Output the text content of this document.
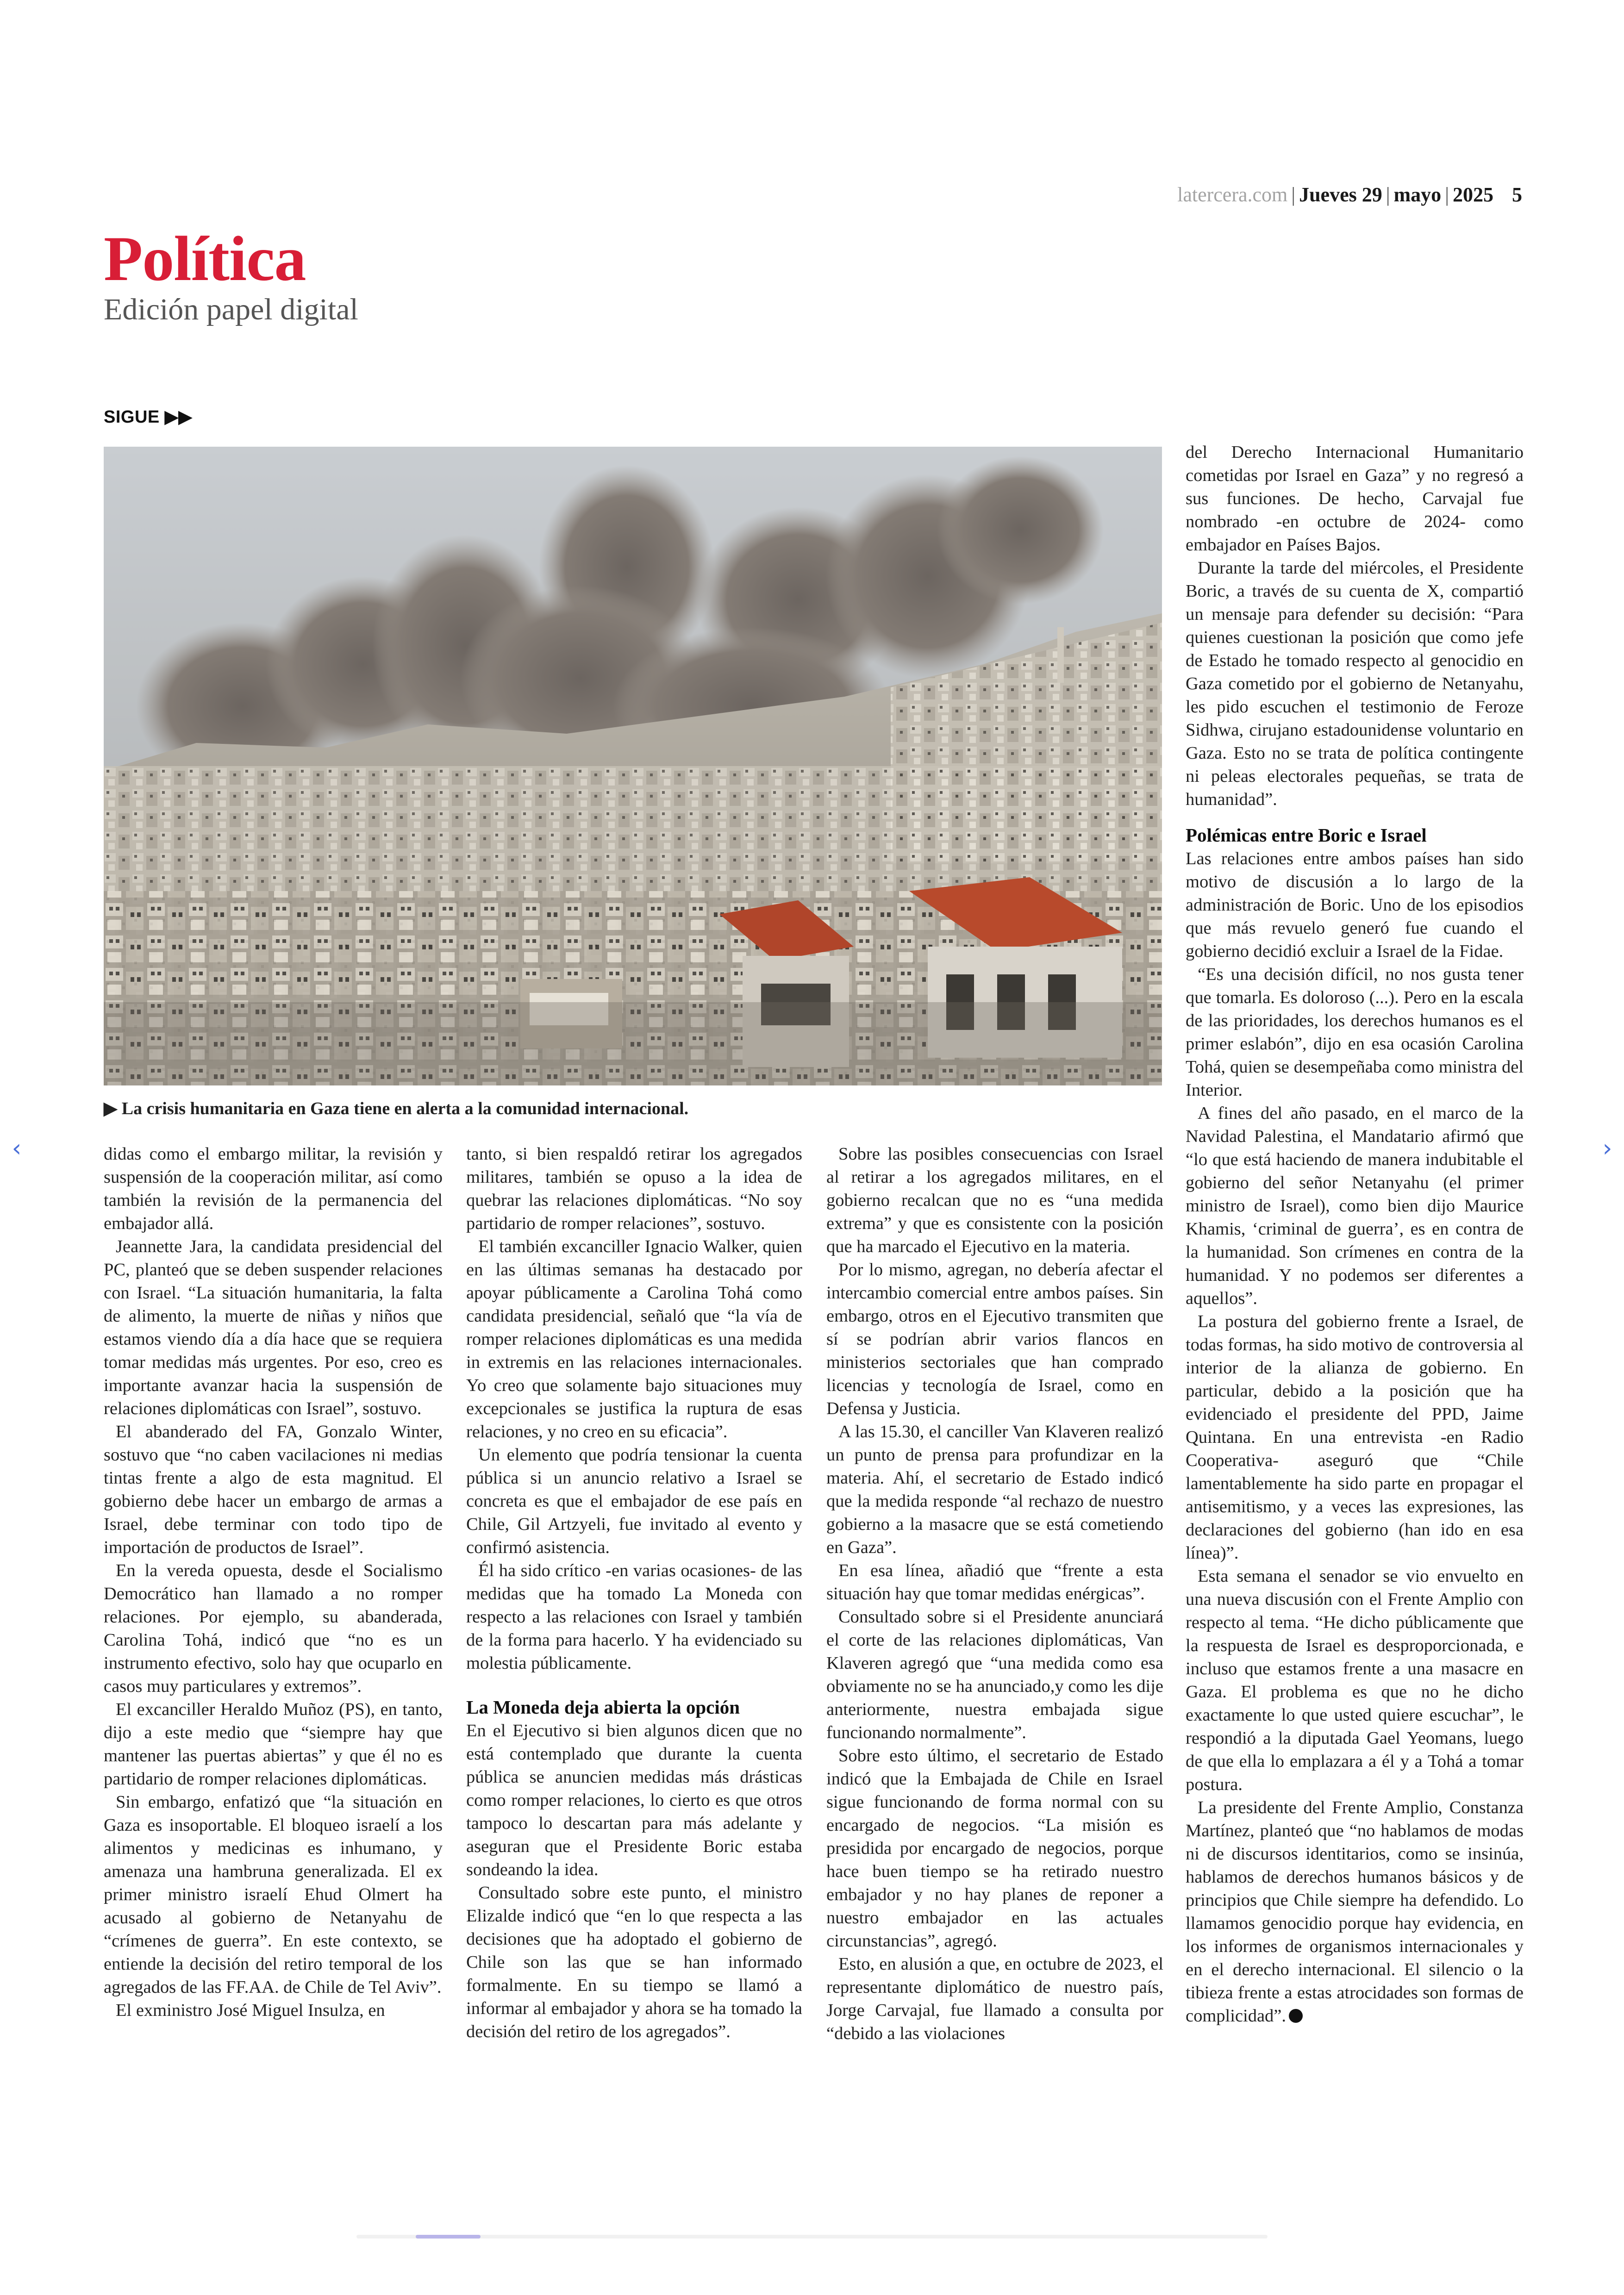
latercera.com | Jueves 29 | mayo | 2025 5
Política
Edición papel digital
SIGUE ▶▶
▶ La crisis humanitaria en Gaza tiene en alerta a la comunidad internacional.

didas como el embargo militar, la revisión y suspensión de la cooperación militar, así como también la revisión de la permanencia del embajador allá.

Jeannette Jara, la candidata presidencial del PC, planteó que se deben suspender relaciones con Israel. “La situación humanitaria, la falta de alimento, la muerte de niñas y niños que estamos viendo día a día hace que se requiera tomar medidas más urgentes. Por eso, creo es importante avanzar hacia la suspensión de relaciones diplomáticas con Israel”, sostuvo.

El abanderado del FA, Gonzalo Winter, sostuvo que “no caben vacilaciones ni medias tintas frente a algo de esta magnitud. El gobierno debe hacer un embargo de armas a Israel, debe terminar con todo tipo de importación de productos de Israel”.

En la vereda opuesta, desde el Socialismo Democrático han llamado a no romper relaciones. Por ejemplo, su abanderada, Carolina Tohá, indicó que “no es un instrumento efectivo, solo hay que ocuparlo en casos muy particulares y extremos”.

El excanciller Heraldo Muñoz (PS), en tanto, dijo a este medio que “siempre hay que mantener las puertas abiertas” y que él no es partidario de romper relaciones diplomáticas.

Sin embargo, enfatizó que “la situación en Gaza es insoportable. El bloqueo israelí a los alimentos y medicinas es inhumano, y amenaza una hambruna generalizada. El ex primer ministro israelí Ehud Olmert ha acusado al gobierno de Netanyahu de “crímenes de guerra”. En este contexto, se entiende la decisión del retiro temporal de los agregados de las FF.AA. de Chile de Tel Aviv”.

El exministro José Miguel Insulza, en

tanto, si bien respaldó retirar los agregados militares, también se opuso a la idea de quebrar las relaciones diplomáticas. “No soy partidario de romper relaciones”, sostuvo.

El también excanciller Ignacio Walker, quien en las últimas semanas ha destacado por apoyar públicamente a Carolina Tohá como candidata presidencial, señaló que “la vía de romper relaciones diplomáticas es una medida in extremis en las relaciones internacionales. Yo creo que solamente bajo situaciones muy excepcionales se justifica la ruptura de esas relaciones, y no creo en su eficacia”.

Un elemento que podría tensionar la cuenta pública si un anuncio relativo a Israel se concreta es que el embajador de ese país en Chile, Gil Artzyeli, fue invitado al evento y confirmó asistencia.

Él ha sido crítico -en varias ocasiones- de las medidas que ha tomado La Moneda con respecto a las relaciones con Israel y también de la forma para hacerlo. Y ha evidenciado su molestia públicamente.

La Moneda deja abierta la opción

En el Ejecutivo si bien algunos dicen que no está contemplado que durante la cuenta pública se anuncien medidas más drásticas como romper relaciones, lo cierto es que otros tampoco lo descartan para más adelante y aseguran que el Presidente Boric estaba sondeando la idea.

Consultado sobre este punto, el ministro Elizalde indicó que “en lo que respecta a las decisiones que ha adoptado el gobierno de Chile son las que se han informado formalmente. En su tiempo se llamó a informar al embajador y ahora se ha tomado la decisión del retiro de los agregados”.

Sobre las posibles consecuencias con Israel al retirar a los agregados militares, en el gobierno recalcan que no es “una medida extrema” y que es consistente con la posición que ha marcado el Ejecutivo en la materia.

Por lo mismo, agregan, no debería afectar el intercambio comercial entre ambos países. Sin embargo, otros en el Ejecutivo transmiten que sí se podrían abrir varios flancos en ministerios sectoriales que han comprado licencias y tecnología de Israel, como en Defensa y Justicia.

A las 15.30, el canciller Van Klaveren realizó un punto de prensa para profundizar en la materia. Ahí, el secretario de Estado indicó que la medida responde “al rechazo de nuestro gobierno a la masacre que se está cometiendo en Gaza”.

En esa línea, añadió que “frente a esta situación hay que tomar medidas enérgicas”.

Consultado sobre si el Presidente anunciará el corte de las relaciones diplomáticas, Van Klaveren agregó que “una medida como esa obviamente no se ha anunciado,y como les dije anteriormente, nuestra embajada sigue funcionando normalmente”.

Sobre esto último, el secretario de Estado indicó que la Embajada de Chile en Israel sigue funcionando de forma normal con su encargado de negocios. “La misión es presidida por encargado de negocios, porque hace buen tiempo se ha retirado nuestro embajador y no hay planes de reponer a nuestro embajador en las actuales circunstancias”, agregó.

Esto, en alusión a que, en octubre de 2023, el representante diplomático de nuestro país, Jorge Carvajal, fue llamado a consulta por “debido a las violaciones

del Derecho Internacional Humanitario cometidas por Israel en Gaza” y no regresó a sus funciones. De hecho, Carvajal fue nombrado -en octubre de 2024- como embajador en Países Bajos.

Durante la tarde del miércoles, el Presidente Boric, a través de su cuenta de X, compartió un mensaje para defender su decisión: “Para quienes cuestionan la posición que como jefe de Estado he tomado respecto al genocidio en Gaza cometido por el gobierno de Netanyahu, les pido escuchen el testimonio de Feroze Sidhwa, cirujano estadounidense voluntario en Gaza. Esto no se trata de política contingente ni peleas electorales pequeñas, se trata de humanidad”.

Polémicas entre Boric e Israel

Las relaciones entre ambos países han sido motivo de discusión a lo largo de la administración de Boric. Uno de los episodios que más revuelo generó fue cuando el gobierno decidió excluir a Israel de la Fidae.

“Es una decisión difícil, no nos gusta tener que tomarla. Es doloroso (...). Pero en la escala de las prioridades, los derechos humanos es el primer eslabón”, dijo en esa ocasión Carolina Tohá, quien se desempeñaba como ministra del Interior.

A fines del año pasado, en el marco de la Navidad Palestina, el Mandatario afirmó que “lo que está haciendo de manera indubitable el gobierno del señor Netanyahu (el primer ministro de Israel), como bien dijo Maurice Khamis, ‘criminal de guerra’, es en contra de la humanidad. Son crímenes en contra de la humanidad. Y no podemos ser diferentes a aquellos”.

La postura del gobierno frente a Israel, de todas formas, ha sido motivo de controversia al interior de la alianza de gobierno. En particular, debido a la posición que ha evidenciado el presidente del PPD, Jaime Quintana. En una entrevista -en Radio Cooperativa- aseguró que “Chile lamentablemente ha sido parte en propagar el antisemitismo, y a veces las expresiones, las declaraciones del gobierno (han ido en esa línea)”.

Esta semana el senador se vio envuelto en una nueva discusión con el Frente Amplio con respecto al tema. “He dicho públicamente que la respuesta de Israel es desproporcionada, e incluso que estamos frente a una masacre en Gaza. El problema es que no he dicho exactamente lo que usted quiere escuchar”, le respondió a la diputada Gael Yeomans, luego de que ella lo emplazara a él y a Tohá a tomar postura.

La presidente del Frente Amplio, Constanza Martínez, planteó que “no hablamos de modas ni de discursos identitarios, como se insinúa, hablamos de derechos humanos básicos y de principios que Chile siempre ha defendido. Lo llamamos genocidio porque hay evidencia, en los informes de organismos internacionales y en el derecho internacional. El silencio o la tibieza frente a estas atrocidades son formas de complicidad”.

‹	›
